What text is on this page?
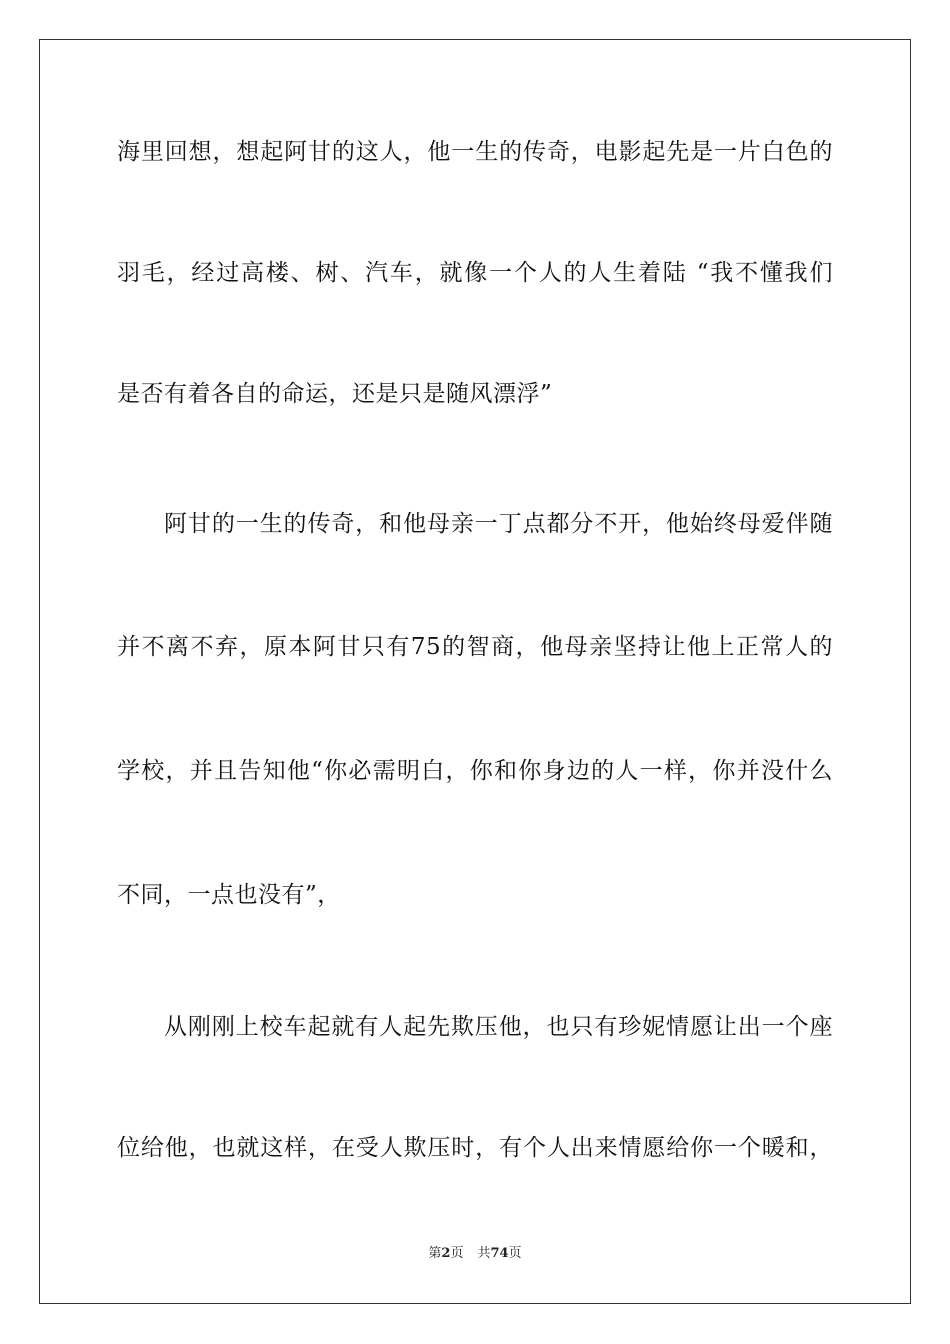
海里回想，想起阿甘的这人，他一生的传奇，电影起先是一片白色的
羽毛，经过高楼、树、汽车，就像一个人的人生着陆 “我不懂我们
是否有着各自的命运，还是只是随风漂浮”
阿甘的一生的传奇，和他母亲一丁点都分不开，他始终母爱伴随
并不离不弃，原本阿甘只有75的智商，他母亲坚持让他上正常人的
学校，并且告知他“你必需明白，你和你身边的人一样，你并没什么
不同，一点也没有”，
从刚刚上校车起就有人起先欺压他，也只有珍妮情愿让出一个座
位给他，也就这样，在受人欺压时，有个人出来情愿给你一个暖和，
第2页 共74页
